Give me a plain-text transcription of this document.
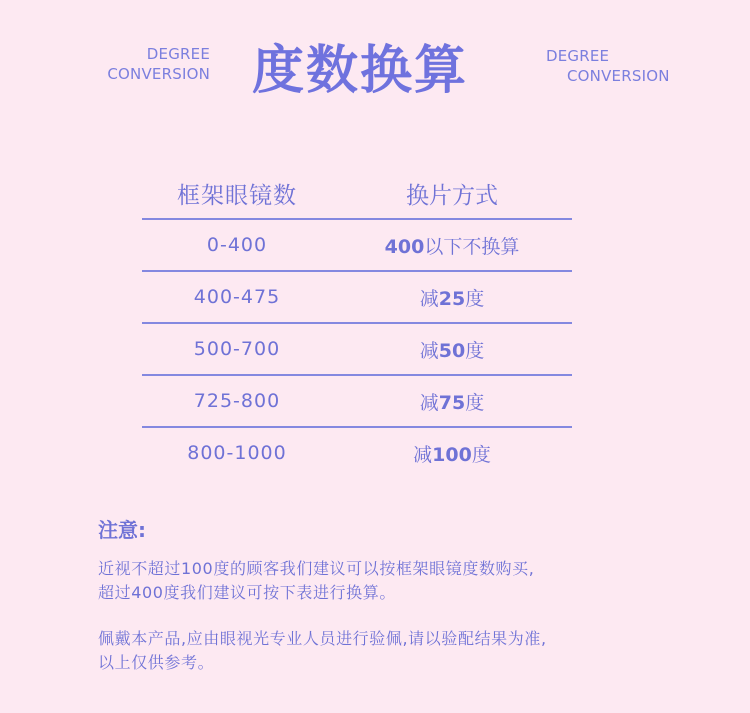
DEGREE
CONVERSION 度数换算	DEGREE
CONVERSION
框架眼镜数	换片方式
0-400	400以下不换算
400-475	减25度
500-700	减50度
725-800	减75度
800-1000	减100度
注意:
近视不超过100度的顾客我们建议可以按框架眼镜度数购买,
超过400度我们建议可按下表进行换算。
佩戴本产品,应由眼视光专业人员进行验佩,请以验配结果为准,
以上仅供参考。
